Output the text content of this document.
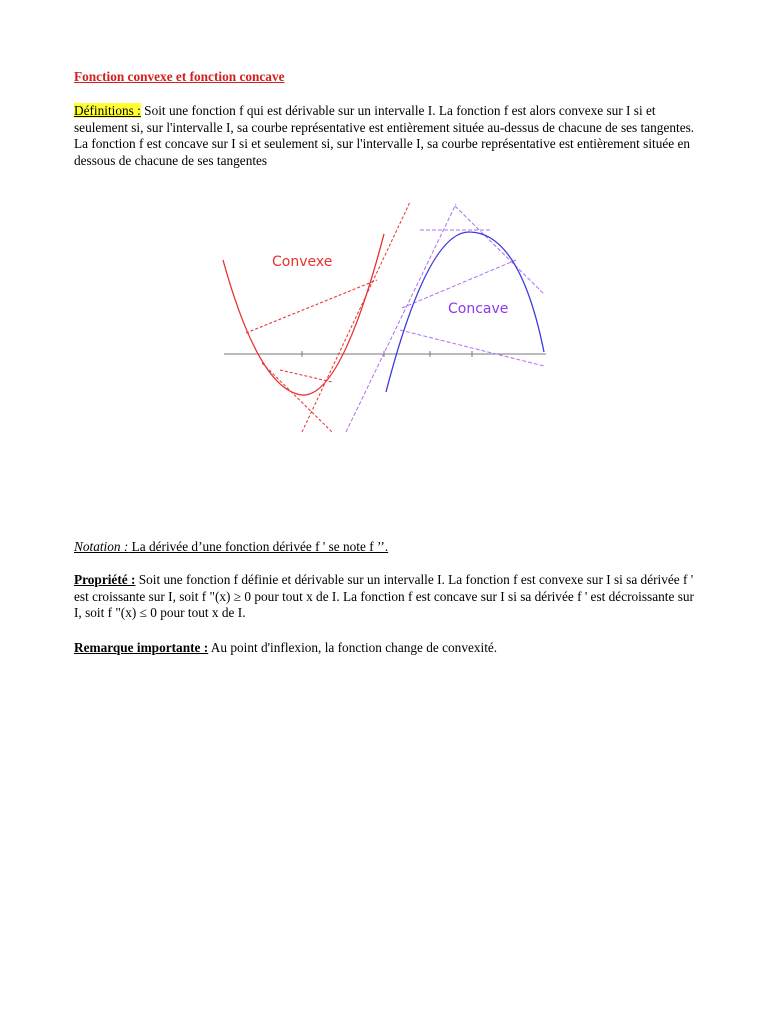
Fonction convexe et fonction concave

Définitions : Soit une fonction f qui est dérivable sur un intervalle I. La fonction f est alors convexe sur I si et seulement si, sur l'intervalle I, sa courbe représentative est entièrement située au-dessus de chacune de ses tangentes. La fonction f est concave sur I si et seulement si, sur l'intervalle I, sa courbe représentative est entièrement située en dessous de chacune de ses tangentes

Convexe
Concave

Notation : La dérivée d’une fonction dérivée f ' se note f ’’.

Propriété : Soit une fonction f définie et dérivable sur un intervalle I. La fonction f est convexe sur I si sa dérivée f ' est croissante sur I, soit f "(x) ≥ 0 pour tout x de I. La fonction f est concave sur I si sa dérivée f ' est décroissante sur I, soit f "(x) ≤ 0 pour tout x de I.

Remarque importante : Au point d'inflexion, la fonction change de convexité.
